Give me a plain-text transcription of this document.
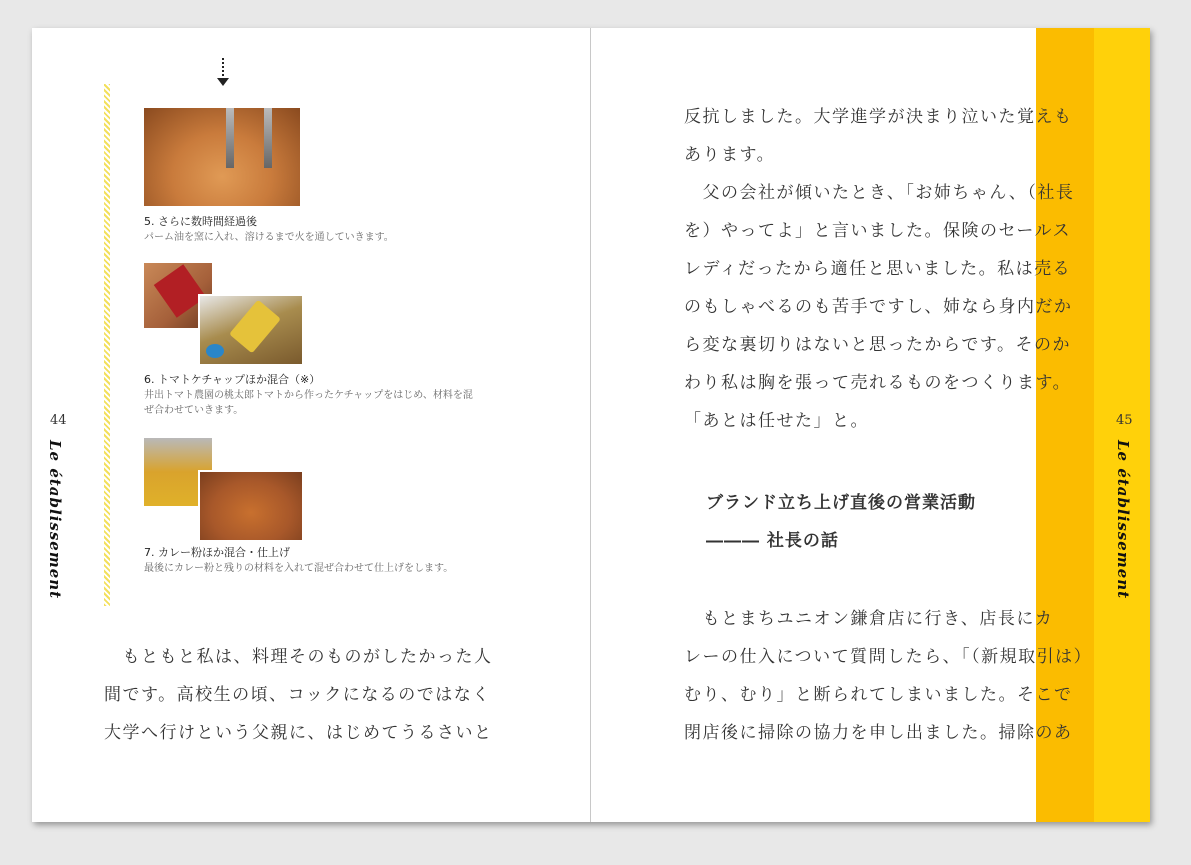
44
Le établissement
5. さらに数時間経過後
パーム油を窯に入れ、溶けるまで火を通していきます。
6. トマトケチャップほか混合（※）
井出トマト農園の桃太郎トマトから作ったケチャップをはじめ、材料を混
ぜ合わせていきます。
7. カレー粉ほか混合・仕上げ
最後にカレー粉と残りの材料を入れて混ぜ合わせて仕上げをします。
　もともと私は、料理そのものがしたかった人
間です。高校生の頃、コックになるのではなく
大学へ行けという父親に、はじめてうるさいと
45
Le établissement
反抗しました。大学進学が決まり泣いた覚えも
あります。
　父の会社が傾いたとき、「お姉ちゃん、（社長
を）やってよ」と言いました。保険のセールス
レディだったから適任と思いました。私は売る
のもしゃべるのも苦手ですし、姉なら身内だか
ら変な裏切りはないと思ったからです。そのか
わり私は胸を張って売れるものをつくります。
「あとは任せた」と。
ブランド立ち上げ直後の営業活動
――― 社長の話
　もとまちユニオン鎌倉店に行き、店長にカ
レーの仕入について質問したら、「（新規取引は）
むり、むり」と断られてしまいました。そこで
閉店後に掃除の協力を申し出ました。掃除のあ
